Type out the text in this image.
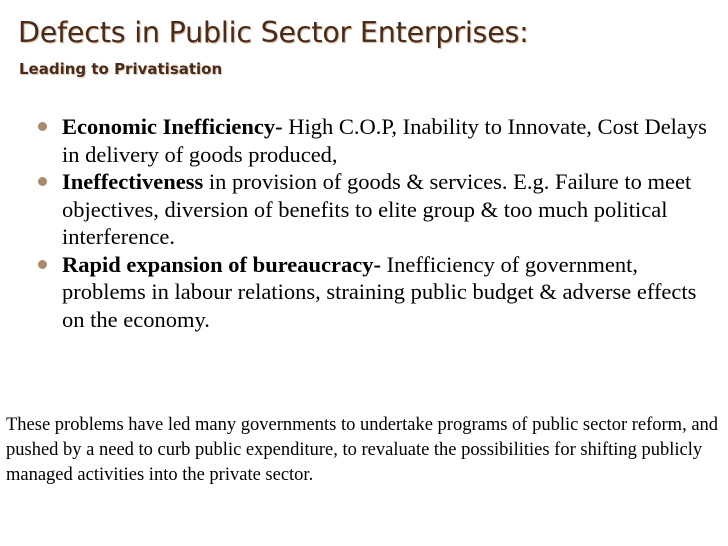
Defects in Public Sector Enterprises:
Leading to Privatisation
Economic Inefficiency- High C.O.P, Inability to Innovate, Cost Delays in delivery of goods produced,
Ineffectiveness in provision of goods & services. E.g. Failure to meet objectives, diversion of benefits to elite group & too much political interference.
Rapid expansion of bureaucracy- Inefficiency of government, problems in labour relations, straining public budget & adverse effects on the economy.

These problems have led many governments to undertake programs of public sector reform, and pushed by a need to curb public expenditure, to revaluate the possibilities for shifting publicly managed activities into the private sector.
